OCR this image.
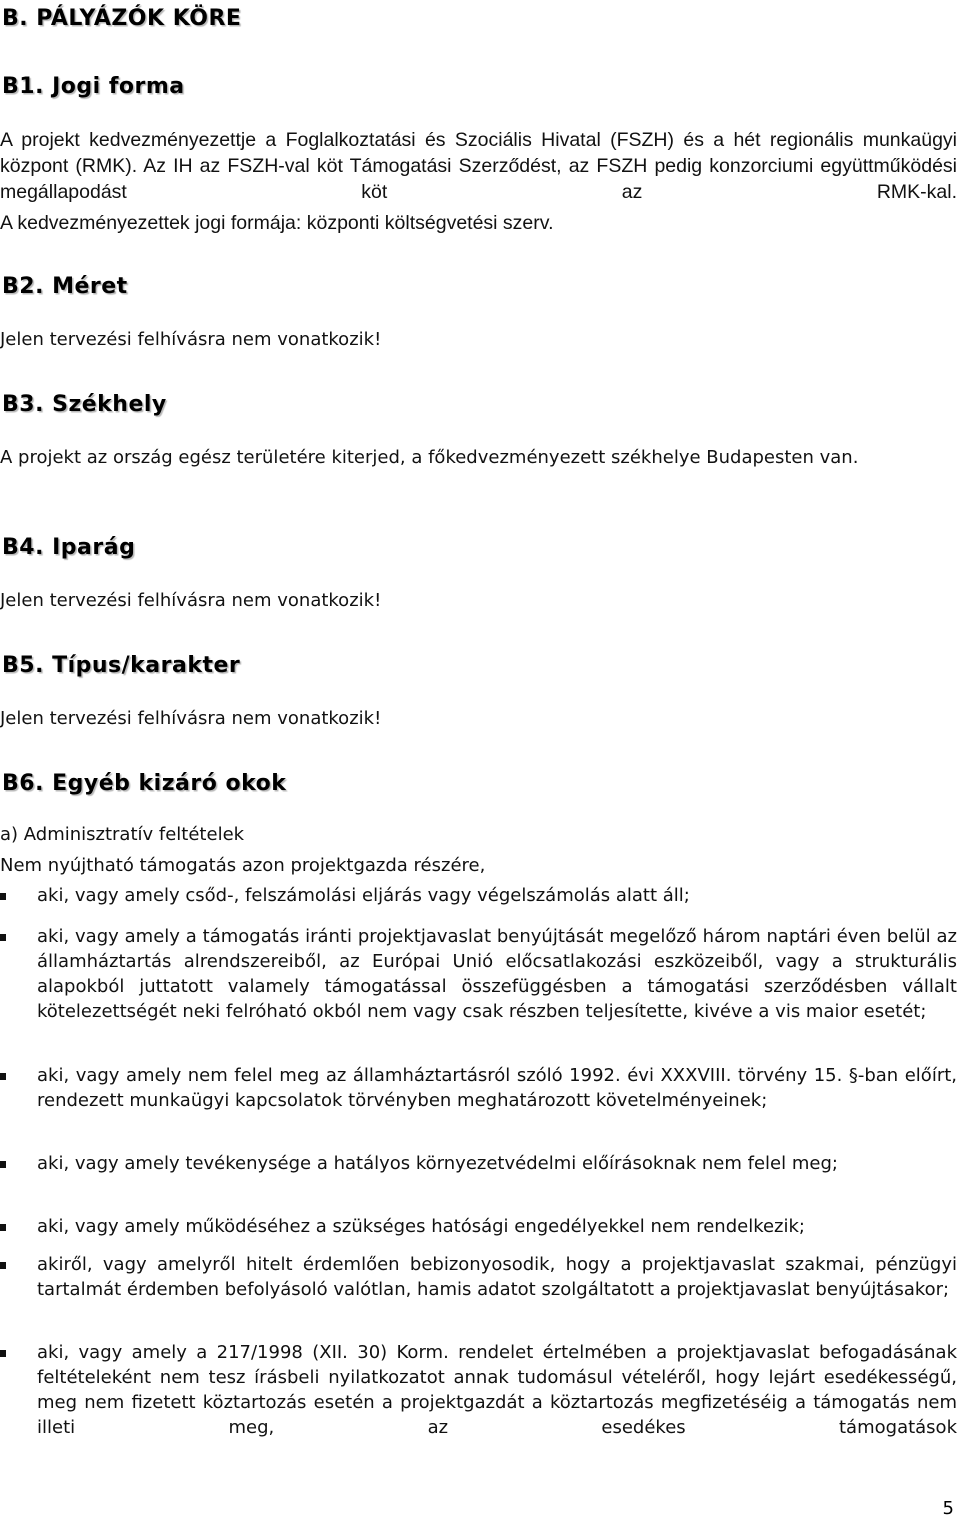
B. PÁLYÁZÓK KÖRE
B1. Jogi forma
A projekt kedvezményezettje a Foglalkoztatási és Szociális Hivatal (FSZH) és a hét regionális munkaügyi központ (RMK). Az IH az FSZH-val köt Támogatási Szerződést, az FSZH pedig konzorciumi együttműködési megállapodást köt az RMK-kal.
A kedvezményezettek jogi formája: központi költségvetési szerv.
B2. Méret
Jelen tervezési felhívásra nem vonatkozik!
B3. Székhely
A projekt az ország egész területére kiterjed, a főkedvezményezett székhelye Budapesten van.
B4. Iparág
Jelen tervezési felhívásra nem vonatkozik!
B5. Típus/karakter
Jelen tervezési felhívásra nem vonatkozik!
B6. Egyéb kizáró okok
a) Adminisztratív feltételek
Nem nyújtható támogatás azon projektgazda részére,
aki, vagy amely csőd-, felszámolási eljárás vagy végelszámolás alatt áll;
aki, vagy amely a támogatás iránti projektjavaslat benyújtását megelőző három naptári éven belül az államháztartás alrendszereiből, az Európai Unió előcsatlakozási eszközeiből, vagy a strukturális alapokból juttatott valamely támogatással összefüggésben a támogatási szerződésben vállalt kötelezettségét neki felróható okból nem vagy csak részben teljesítette, kivéve a vis maior esetét;
aki, vagy amely nem felel meg az államháztartásról szóló 1992. évi XXXVIII. törvény 15. §-ban előírt, rendezett munkaügyi kapcsolatok törvényben meghatározott követelményeinek;
aki, vagy amely tevékenysége a hatályos környezetvédelmi előírásoknak nem felel meg;
aki, vagy amely működéséhez a szükséges hatósági engedélyekkel nem rendelkezik;
akiről, vagy amelyről hitelt érdemlően bebizonyosodik, hogy a projektjavaslat szakmai, pénzügyi tartalmát érdemben befolyásoló valótlan, hamis adatot szolgáltatott a projektjavaslat benyújtásakor;
aki, vagy amely a 217/1998 (XII. 30) Korm. rendelet értelmében a projektjavaslat befogadásának feltételeként nem tesz írásbeli nyilatkozatot annak tudomásul vételéről, hogy lejárt esedékességű, meg nem fizetett köztartozás esetén a projektgazdát a köztartozás megfizetéséig a támogatás nem illeti meg, az esedékes támogatások
5
